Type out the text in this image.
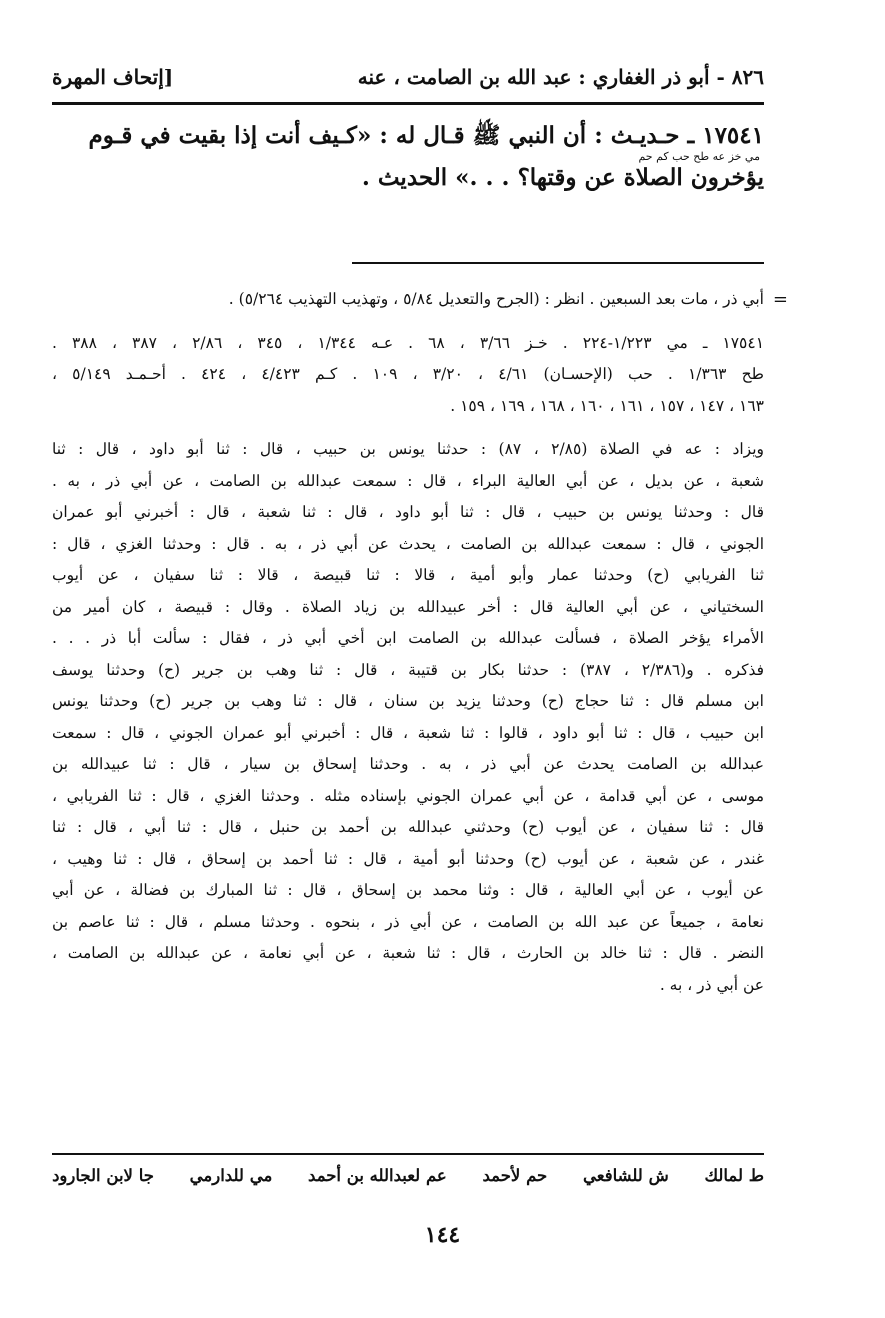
٨٢٦ - أبو ذر الغفاري : عبد الله بن الصامت ، عنه
[إتحاف المهرة
١٧٥٤١ ـ حـديـث : أن النبي ﷺ قـال له : «كـيف أنت إذا بقيت في قـوم
مي خز عه طح حب كم حم
يؤخرون الصلاة عن وقتها؟ . . .» الحديث .
=
أبي ذر ، مات بعد السبعين . انظر : (الجرح والتعديل ٥/٨٤ ، وتهذيب التهذيب ٥/٢٦٤) .
١٧٥٤١ ـ مي ١/٢٢٣-٢٢٤ . خـز ٣/٦٦ ، ٦٨ . عـه ١/٣٤٤ ، ٣٤٥ ، ٢/٨٦ ، ٣٨٧ ، ٣٨٨ .
طح ١/٣٦٣ . حب (الإحسـان) ٤/٦١ ، ٣/٢٠ ، ١٠٩ . كـم ٤/٤٢٣ ، ٤٢٤ . أحـمـد ٥/١٤٩ ،
١٦٣ ، ١٤٧ ، ١٥٧ ، ١٦١ ، ١٦٠ ، ١٦٨ ، ١٦٩ ، ١٥٩ .
ويزاد : عه في الصلاة (٢/٨٥ ، ٨٧) : حدثنا يونس بن حبيب ، قال : ثنا أبو داود ، قال : ثنا
شعبة ، عن بديل ، عن أبي العالية البراء ، قال : سمعت عبدالله بن الصامت ، عن أبي ذر ، به .
قال : وحدثنا يونس بن حبيب ، قال : ثنا أبو داود ، قال : ثنا شعبة ، قال : أخبرني أبو عمران
الجوني ، قال : سمعت عبدالله بن الصامت ، يحدث عن أبي ذر ، به . قال : وحدثنا الغزي ، قال :
ثنا الفريابي (ح) وحدثنا عمار وأبو أمية ، قالا : ثنا قبيصة ، قالا : ثنا سفيان ، عن أيوب
السختياني ، عن أبي العالية قال : أخر عبيدالله بن زياد الصلاة . وقال : قبيصة ، كان أمير من
الأمراء يؤخر الصلاة ، فسألت عبدالله بن الصامت ابن أخي أبي ذر ، فقال : سألت أبا ذر . . .
فذكره . و(٢/٣٨٦ ، ٣٨٧) : حدثنا بكار بن قتيبة ، قال : ثنا وهب بن جرير (ح) وحدثنا يوسف
ابن مسلم قال : ثنا حجاج (ح) وحدثنا يزيد بن سنان ، قال : ثنا وهب بن جرير (ح) وحدثنا يونس
ابن حبيب ، قال : ثنا أبو داود ، قالوا : ثنا شعبة ، قال : أخبرني أبو عمران الجوني ، قال : سمعت
عبدالله بن الصامت يحدث عن أبي ذر ، به . وحدثنا إسحاق بن سيار ، قال : ثنا عبيدالله بن
موسى ، عن أبي قدامة ، عن أبي عمران الجوني بإسناده مثله . وحدثنا الغزي ، قال : ثنا الفريابي ،
قال : ثنا سفيان ، عن أيوب (ح) وحدثني عبدالله بن أحمد بن حنبل ، قال : ثنا أبي ، قال : ثنا
غندر ، عن شعبة ، عن أيوب (ح) وحدثنا أبو أمية ، قال : ثنا أحمد بن إسحاق ، قال : ثنا وهيب ،
عن أيوب ، عن أبي العالية ، قال : وثنا محمد بن إسحاق ، قال : ثنا المبارك بن فضالة ، عن أبي
نعامة ، جميعاً عن عبد الله بن الصامت ، عن أبي ذر ، بنحوه . وحدثنا مسلم ، قال : ثنا عاصم بن
النضر . قال : ثنا خالد بن الحارث ، قال : ثنا شعبة ، عن أبي نعامة ، عن عبدالله بن الصامت ،
عن أبي ذر ، به .
ط لمالك
ش للشافعي
حم لأحمد
عم لعبدالله بن أحمد
مي للدارمي
جا لابن الجارود
١٤٤
